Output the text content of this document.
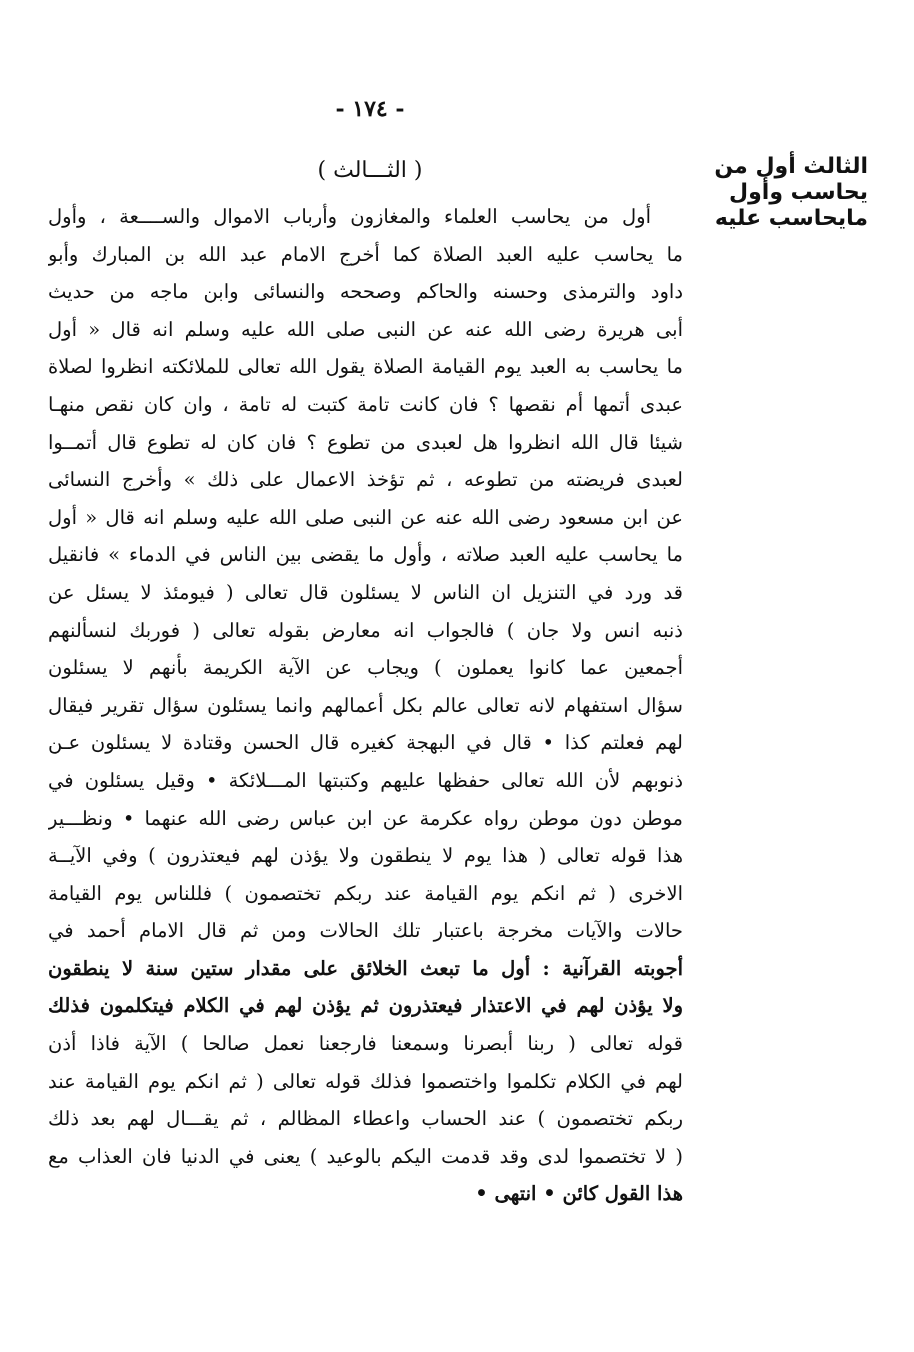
- ١٧٤ -
الثالث أول من
يحاسب وأول
مايحاسب عليه
( الثـــالث )
أول من يحاسب العلماء والمغازون وأرباب الاموال والســــعة ، وأول
ما يحاسب عليه العبد الصلاة كما أخرج الامام عبد الله بن المبارك وأبو
داود والترمذى وحسنه والحاكم وصححه والنسائى وابن ماجه من حديث
أبى هريرة رضى الله عنه عن النبى صلى الله عليه وسلم انه قال « أول
ما يحاسب به العبد يوم القيامة الصلاة يقول الله تعالى للملائكته انظروا لصلاة
عبدى أتمها أم نقصها ؟ فان كانت تامة كتبت له تامة ، وان كان نقص منهـا
شيئا قال الله انظروا هل لعبدى من تطوع ؟ فان كان له تطوع قال أتمــوا
لعبدى فريضته من تطوعه ، ثم تؤخذ الاعمال على ذلك » وأخرج النسائى
عن ابن مسعود رضى الله عنه عن النبى صلى الله عليه وسلم انه قال « أول
ما يحاسب عليه العبد صلاته ، وأول ما يقضى بين الناس في الدماء » فانقيل
قد ورد في التنزيل ان الناس لا يسئلون قال تعالى ( فيومئذ لا يسئل عن
ذنبه انس ولا جان ) فالجواب انه معارض بقوله تعالى ( فوربك لنسألنهم
أجمعين عما كانوا يعملون ) ويجاب عن الآية الكريمة بأنهم لا يسئلون
سؤال استفهام لانه تعالى عالم بكل أعمالهم وانما يسئلون سؤال تقرير فيقال
لهم فعلتم كذا • قال في البهجة كغيره قال الحسن وقتادة لا يسئلون عـن
ذنوبهم لأن الله تعالى حفظها عليهم وكتبتها المـــلائكة • وقيل يسئلون في
موطن دون موطن رواه عكرمة عن ابن عباس رضى الله عنهما • ونظـــير
هذا قوله تعالى ( هذا يوم لا ينطقون ولا يؤذن لهم فيعتذرون ) وفي الآيــة
الاخرى ( ثم انكم يوم القيامة عند ربكم تختصمون ) فللناس يوم القيامة
حالات والآيات مخرجة باعتبار تلك الحالات ومن ثم قال الامام أحمد في
أجوبته القرآنية : أول ما تبعث الخلائق على مقدار ستين سنة لا ينطقون
ولا يؤذن لهم في الاعتذار فيعتذرون ثم يؤذن لهم في الكلام فيتكلمون فذلك
قوله تعالى ( ربنا أبصرنا وسمعنا فارجعنا نعمل صالحا ) الآية فاذا أذن
لهم في الكلام تكلموا واختصموا فذلك قوله تعالى ( ثم انكم يوم القيامة عند
ربكم تختصمون ) عند الحساب واعطاء المظالم ، ثم يقـــال لهم بعد ذلك
( لا تختصموا لدى وقد قدمت اليكم بالوعيد ) يعنى في الدنيا فان العذاب مع
هذا القول كائن • انتهى •
